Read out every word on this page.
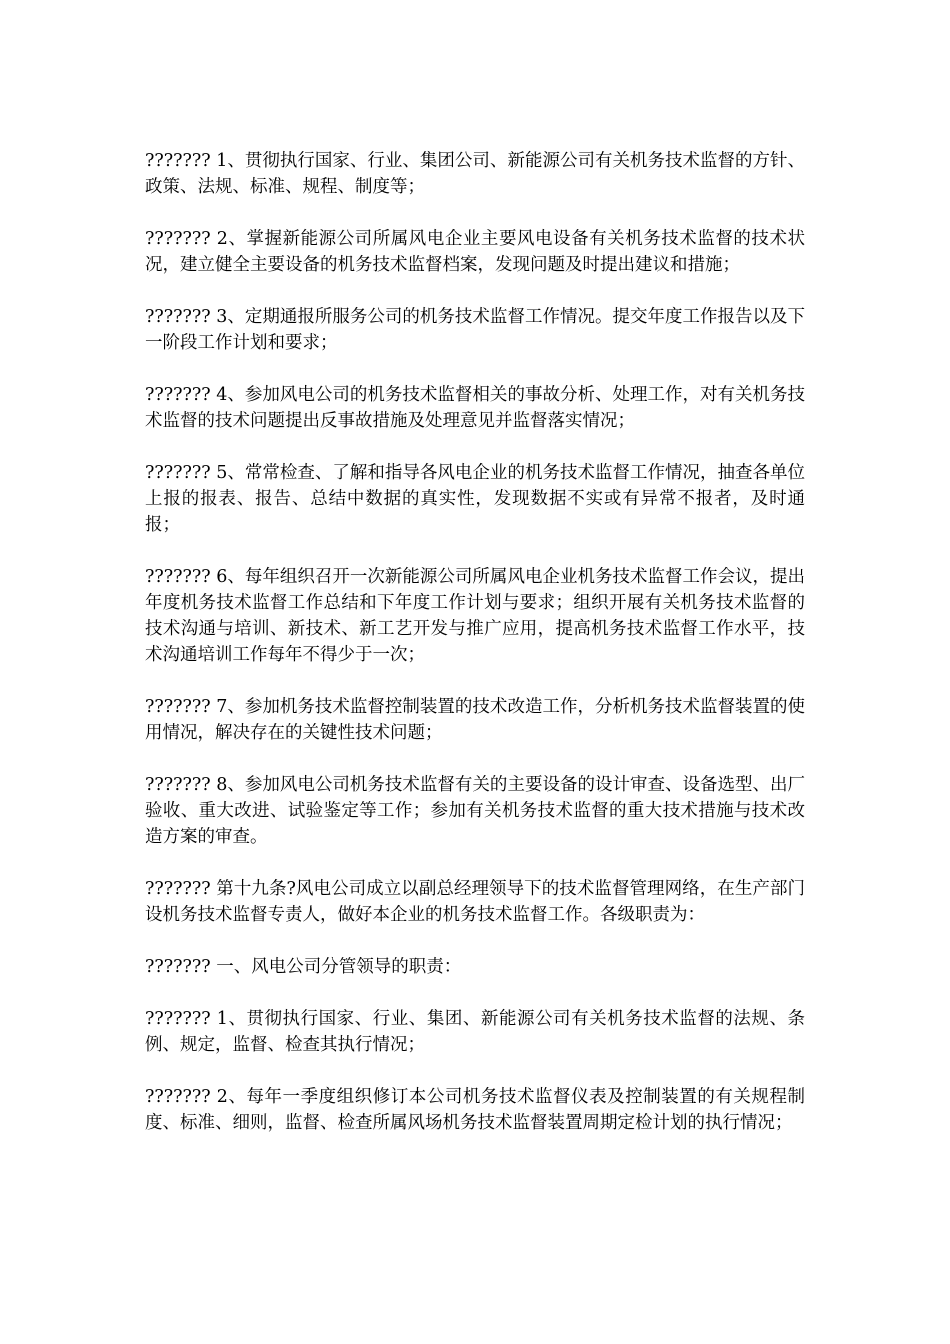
??????? 1、贯彻执行国家、行业、集团公司、新能源公司有关机务技术监督的方针、政策、法规、标准、规程、制度等；

??????? 2、掌握新能源公司所属风电企业主要风电设备有关机务技术监督的技术状况，建立健全主要设备的机务技术监督档案，发现问题及时提出建议和措施；

??????? 3、定期通报所服务公司的机务技术监督工作情况。提交年度工作报告以及下一阶段工作计划和要求；

??????? 4、参加风电公司的机务技术监督相关的事故分析、处理工作，对有关机务技术监督的技术问题提出反事故措施及处理意见并监督落实情况；

??????? 5、常常检查、了解和指导各风电企业的机务技术监督工作情况，抽查各单位上报的报表、报告、总结中数据的真实性，发现数据不实或有异常不报者，及时通报；

??????? 6、每年组织召开一次新能源公司所属风电企业机务技术监督工作会议，提出年度机务技术监督工作总结和下年度工作计划与要求；组织开展有关机务技术监督的技术沟通与培训、新技术、新工艺开发与推广应用，提高机务技术监督工作水平，技术沟通培训工作每年不得少于一次；

??????? 7、参加机务技术监督控制装置的技术改造工作，分析机务技术监督装置的使用情况，解决存在的关键性技术问题；

??????? 8、参加风电公司机务技术监督有关的主要设备的设计审查、设备选型、出厂验收、重大改进、试验鉴定等工作；参加有关机务技术监督的重大技术措施与技术改造方案的审查。

??????? 第十九条?风电公司成立以副总经理领导下的技术监督管理网络，在生产部门设机务技术监督专责人，做好本企业的机务技术监督工作。各级职责为：

??????? 一、风电公司分管领导的职责：

??????? 1、贯彻执行国家、行业、集团、新能源公司有关机务技术监督的法规、条例、规定，监督、检查其执行情况；

??????? 2、每年一季度组织修订本公司机务技术监督仪表及控制装置的有关规程制度、标准、细则，监督、检查所属风场机务技术监督装置周期定检计划的执行情况；
